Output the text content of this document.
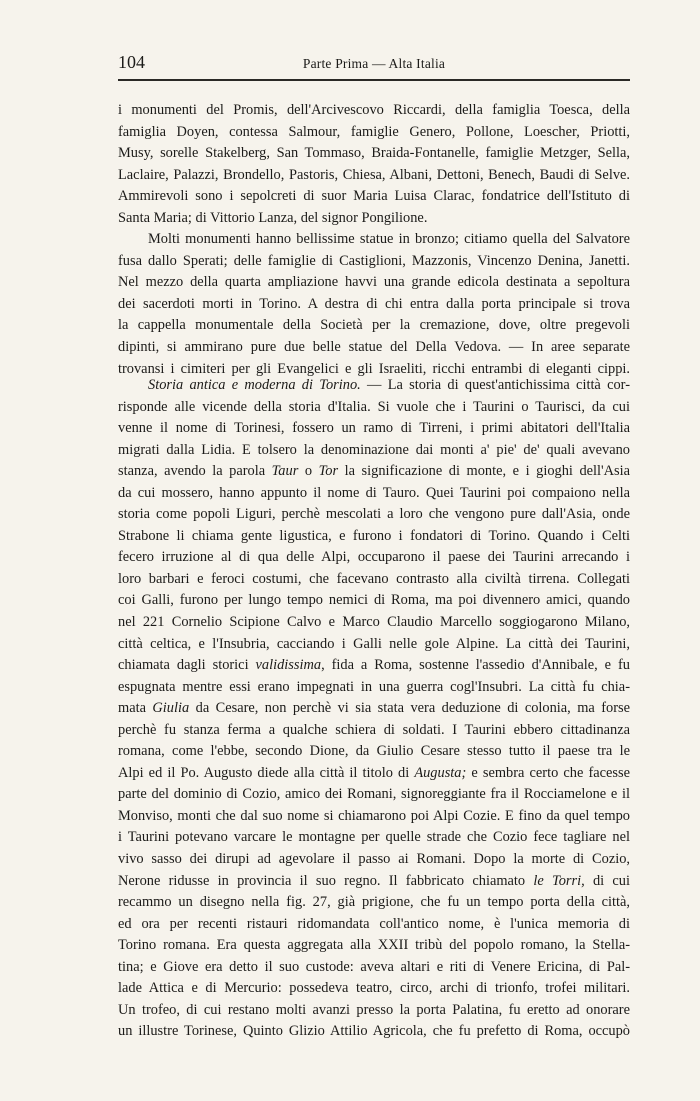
104	Parte Prima — Alta Italia
i monumenti del Promis, dell'Arcivescovo Riccardi, della famiglia Toesca, della
famiglia Doyen, contessa Salmour, famiglie Genero, Pollone, Loescher, Priotti,
Musy, sorelle Stakelberg, San Tommaso, Braida-Fontanelle, famiglie Metzger, Sella,
Laclaire, Palazzi, Brondello, Pastoris, Chiesa, Albani, Dettoni, Benech, Baudi di Selve.
Ammirevoli sono i sepolcreti di suor Maria Luisa Clarac, fondatrice dell'Istituto di
Santa Maria; di Vittorio Lanza, del signor Pongilione.
Molti monumenti hanno bellissime statue in bronzo; citiamo quella del Salvatore
fusa dallo Sperati; delle famiglie di Castiglioni, Mazzonis, Vincenzo Denina, Janetti.
Nel mezzo della quarta ampliazione havvi una grande edicola destinata a sepoltura
dei sacerdoti morti in Torino. A destra di chi entra dalla porta principale si trova
la cappella monumentale della Società per la cremazione, dove, oltre pregevoli
dipinti, si ammirano pure due belle statue del Della Vedova. — In aree separate
trovansi i cimiteri per gli Evangelici e gli Israeliti, ricchi entrambi di eleganti cippi.
Storia antica e moderna di Torino. — La storia di quest'antichissima città cor-
risponde alle vicende della storia d'Italia. Si vuole che i Taurini o Taurisci, da cui
venne il nome di Torinesi, fossero un ramo di Tirreni, i primi abitatori dell'Italia
migrati dalla Lidia. E tolsero la denominazione dai monti a' pie' de' quali avevano
stanza, avendo la parola Taur o Tor la significazione di monte, e i gioghi dell'Asia
da cui mossero, hanno appunto il nome di Tauro. Quei Taurini poi compaiono nella
storia come popoli Liguri, perchè mescolati a loro che vengono pure dall'Asia, onde
Strabone li chiama gente ligustica, e furono i fondatori di Torino. Quando i Celti
fecero irruzione al di qua delle Alpi, occuparono il paese dei Taurini arrecando i
loro barbari e feroci costumi, che facevano contrasto alla civiltà tirrena. Collegati
coi Galli, furono per lungo tempo nemici di Roma, ma poi divennero amici, quando
nel 221 Cornelio Scipione Calvo e Marco Claudio Marcello soggiogarono Milano,
città celtica, e l'Insubria, cacciando i Galli nelle gole Alpine. La città dei Taurini,
chiamata dagli storici validissima, fida a Roma, sostenne l'assedio d'Annibale, e fu
espugnata mentre essi erano impegnati in una guerra cogl'Insubri. La città fu chia-
mata Giulia da Cesare, non perchè vi sia stata vera deduzione di colonia, ma forse
perchè fu stanza ferma a qualche schiera di soldati. I Taurini ebbero cittadinanza
romana, come l'ebbe, secondo Dione, da Giulio Cesare stesso tutto il paese tra le
Alpi ed il Po. Augusto diede alla città il titolo di Augusta; e sembra certo che facesse
parte del dominio di Cozio, amico dei Romani, signoreggiante fra il Rocciamelone e il
Monviso, monti che dal suo nome si chiamarono poi Alpi Cozie. E fino da quel tempo
i Taurini potevano varcare le montagne per quelle strade che Cozio fece tagliare nel
vivo sasso dei dirupi ad agevolare il passo ai Romani. Dopo la morte di Cozio,
Nerone ridusse in provincia il suo regno. Il fabbricato chiamato le Torri, di cui
recammo un disegno nella fig. 27, già prigione, che fu un tempo porta della città,
ed ora per recenti ristauri ridomandata coll'antico nome, è l'unica memoria di
Torino romana. Era questa aggregata alla XXII tribù del popolo romano, la Stella-
tina; e Giove era detto il suo custode: aveva altari e riti di Venere Ericina, di Pal-
lade Attica e di Mercurio: possedeva teatro, circo, archi di trionfo, trofei militari.
Un trofeo, di cui restano molti avanzi presso la porta Palatina, fu eretto ad onorare
un illustre Torinese, Quinto Glizio Attilio Agricola, che fu prefetto di Roma, occupò
